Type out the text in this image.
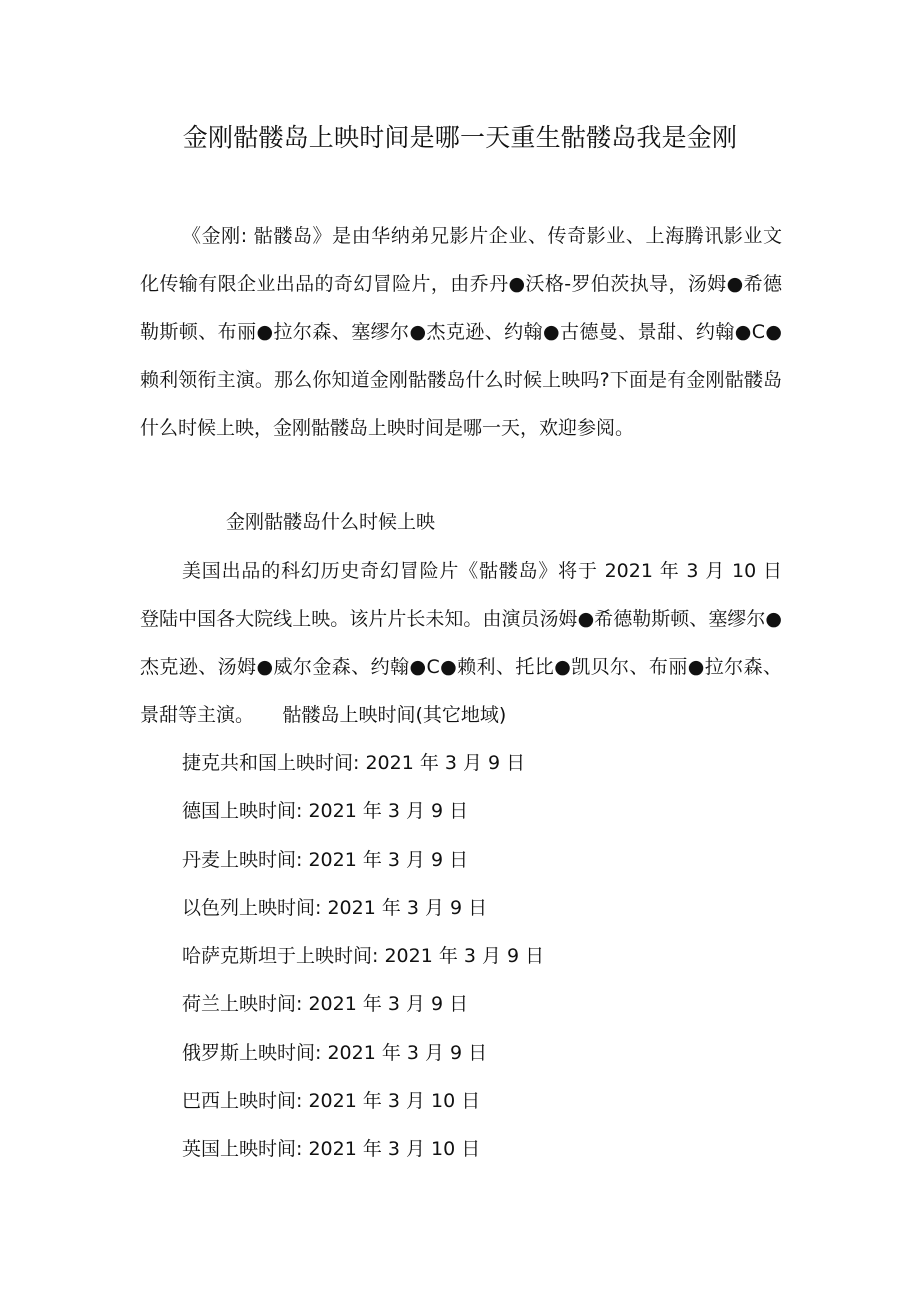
金刚骷髅岛上映时间是哪一天重生骷髅岛我是金刚

《金刚: 骷髅岛》是由华纳弟兄影片企业、传奇影业、上海腾讯影业文化传输有限企业出品的奇幻冒险片，由乔丹●沃格-罗伯茨执导，汤姆●希德勒斯顿、布丽●拉尔森、塞缪尔●杰克逊、约翰●古德曼、景甜、约翰●C●赖利领衔主演。那么你知道金刚骷髅岛什么时候上映吗?下面是有金刚骷髅岛什么时候上映，金刚骷髅岛上映时间是哪一天，欢迎参阅。

金刚骷髅岛什么时候上映

美国出品的科幻历史奇幻冒险片《骷髅岛》将于 2021 年 3 月 10 日 登陆中国各大院线上映。该片片长未知。由演员汤姆●希德勒斯顿、塞缪尔●杰克逊、汤姆●威尔金森、约翰●C●赖利、托比●凯贝尔、布丽●拉尔森、景甜等主演。　　骷髅岛上映时间(其它地域)

捷克共和国上映时间: 2021 年 3 月 9 日
德国上映时间: 2021 年 3 月 9 日
丹麦上映时间: 2021 年 3 月 9 日
以色列上映时间: 2021 年 3 月 9 日
哈萨克斯坦于上映时间: 2021 年 3 月 9 日
荷兰上映时间: 2021 年 3 月 9 日
俄罗斯上映时间: 2021 年 3 月 9 日
巴西上映时间: 2021 年 3 月 10 日
英国上映时间: 2021 年 3 月 10 日
